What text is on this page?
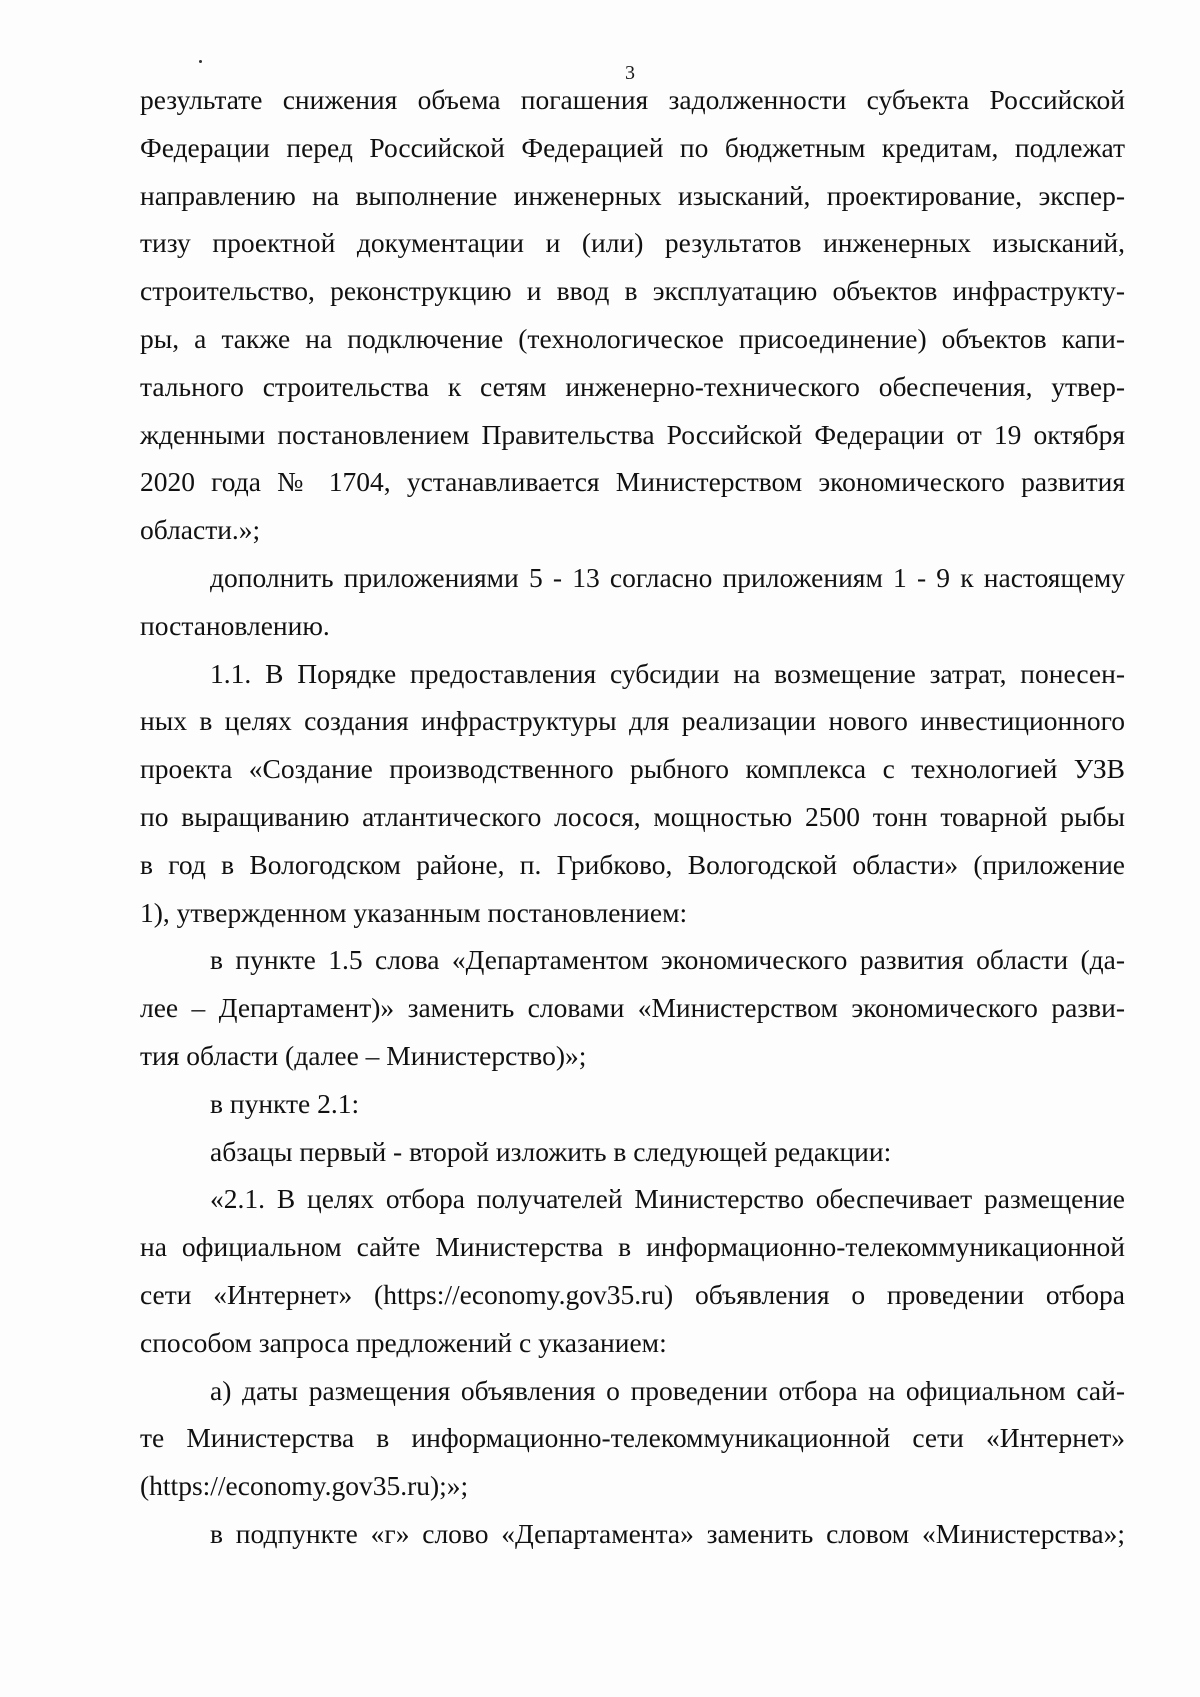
3
результате снижения объема погашения задолженности субъекта Российской
Федерации перед Российской Федерацией по бюджетным кредитам, подлежат
направлению на выполнение инженерных изысканий, проектирование, экспер-
тизу проектной документации и (или) результатов инженерных изысканий,
строительство, реконструкцию и ввод в эксплуатацию объектов инфраструкту-
ры, а также на подключение (технологическое присоединение) объектов капи-
тального строительства к сетям инженерно-технического обеспечения, утвер-
жденными постановлением Правительства Российской Федерации от 19 октября
2020 года № 1704, устанавливается Министерством экономического развития
области.»;
дополнить приложениями 5 - 13 согласно приложениям 1 - 9 к настоящему
постановлению.
1.1. В Порядке предоставления субсидии на возмещение затрат, понесен-
ных в целях создания инфраструктуры для реализации нового инвестиционного
проекта «Создание производственного рыбного комплекса с технологией УЗВ
по выращиванию атлантического лосося, мощностью 2500 тонн товарной рыбы
в год в Вологодском районе, п. Грибково, Вологодской области» (приложение
1), утвержденном указанным постановлением:
в пункте 1.5 слова «Департаментом экономического развития области (да-
лее – Департамент)» заменить словами «Министерством экономического разви-
тия области (далее – Министерство)»;
в пункте 2.1:
абзацы первый - второй изложить в следующей редакции:
«2.1. В целях отбора получателей Министерство обеспечивает размещение
на официальном сайте Министерства в информационно-телекоммуникационной
сети «Интернет» (https://economy.gov35.ru) объявления о проведении отбора
способом запроса предложений с указанием:
а) даты размещения объявления о проведении отбора на официальном сай-
те Министерства в информационно-телекоммуникационной сети «Интернет»
(https://economy.gov35.ru);»;
в подпункте «г» слово «Департамента» заменить словом «Министерства»;
